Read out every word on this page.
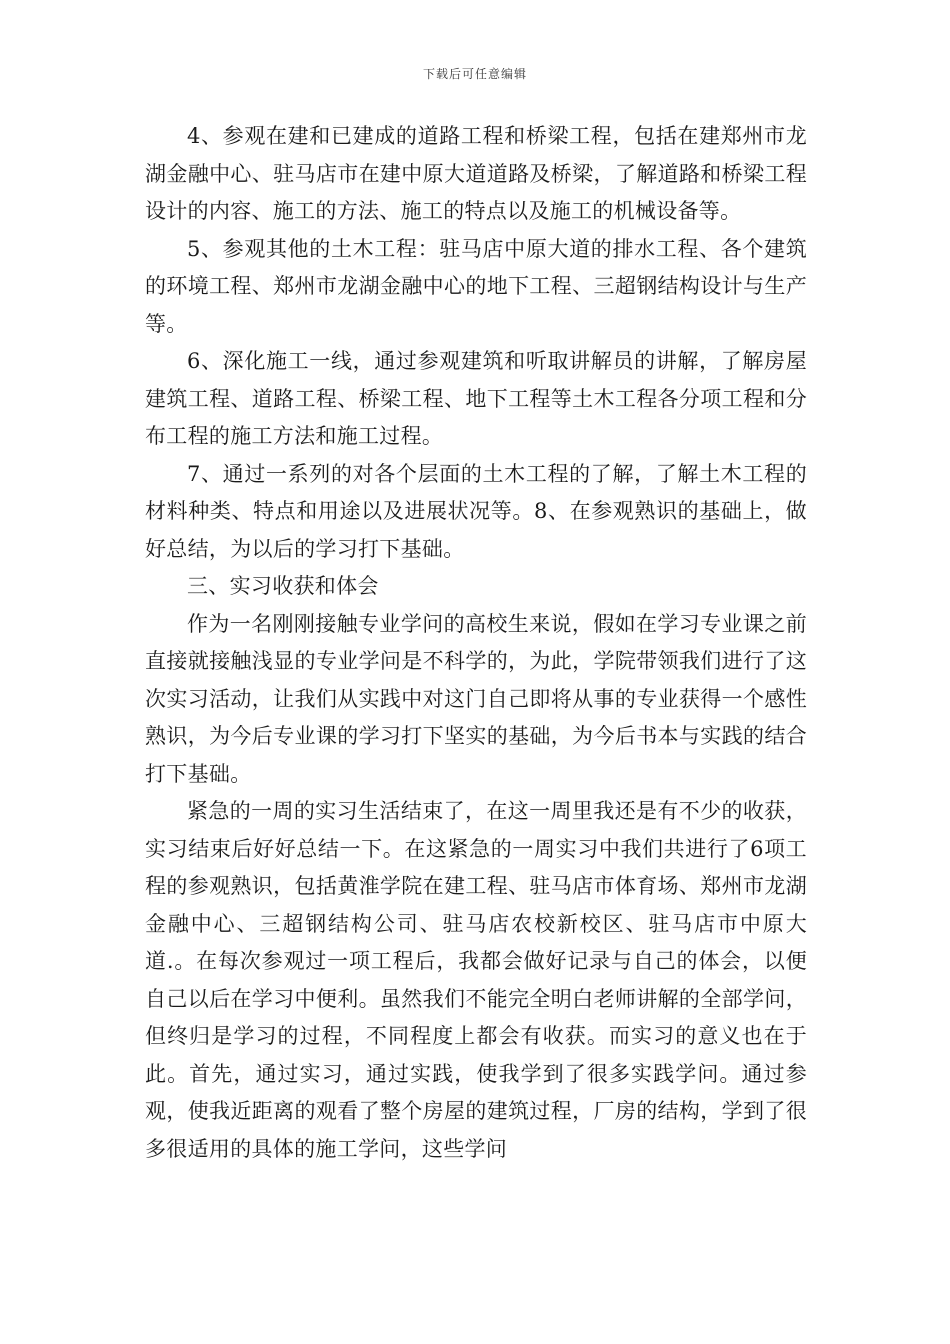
下载后可任意编辑

4、参观在建和已建成的道路工程和桥梁工程，包括在建郑州市龙湖金融中心、驻马店市在建中原大道道路及桥梁，了解道路和桥梁工程设计的内容、施工的方法、施工的特点以及施工的机械设备等。

5、参观其他的土木工程：驻马店中原大道的排水工程、各个建筑的环境工程、郑州市龙湖金融中心的地下工程、三超钢结构设计与生产等。

6、深化施工一线，通过参观建筑和听取讲解员的讲解，了解房屋建筑工程、道路工程、桥梁工程、地下工程等土木工程各分项工程和分布工程的施工方法和施工过程。

7、通过一系列的对各个层面的土木工程的了解，了解土木工程的材料种类、特点和用途以及进展状况等。8、在参观熟识的基础上，做好总结，为以后的学习打下基础。

三、实习收获和体会

作为一名刚刚接触专业学问的高校生来说，假如在学习专业课之前直接就接触浅显的专业学问是不科学的，为此，学院带领我们进行了这次实习活动，让我们从实践中对这门自己即将从事的专业获得一个感性熟识，为今后专业课的学习打下坚实的基础，为今后书本与实践的结合打下基础。

紧急的一周的实习生活结束了，在这一周里我还是有不少的收获，实习结束后好好总结一下。在这紧急的一周实习中我们共进行了6项工程的参观熟识，包括黄淮学院在建工程、驻马店市体育场、郑州市龙湖金融中心、三超钢结构公司、驻马店农校新校区、驻马店市中原大道.。在每次参观过一项工程后，我都会做好记录与自己的体会，以便自己以后在学习中便利。虽然我们不能完全明白老师讲解的全部学问，但终归是学习的过程，不同程度上都会有收获。而实习的意义也在于此。首先，通过实习，通过实践，使我学到了很多实践学问。通过参观，使我近距离的观看了整个房屋的建筑过程，厂房的结构，学到了很多很适用的具体的施工学问，这些学问
